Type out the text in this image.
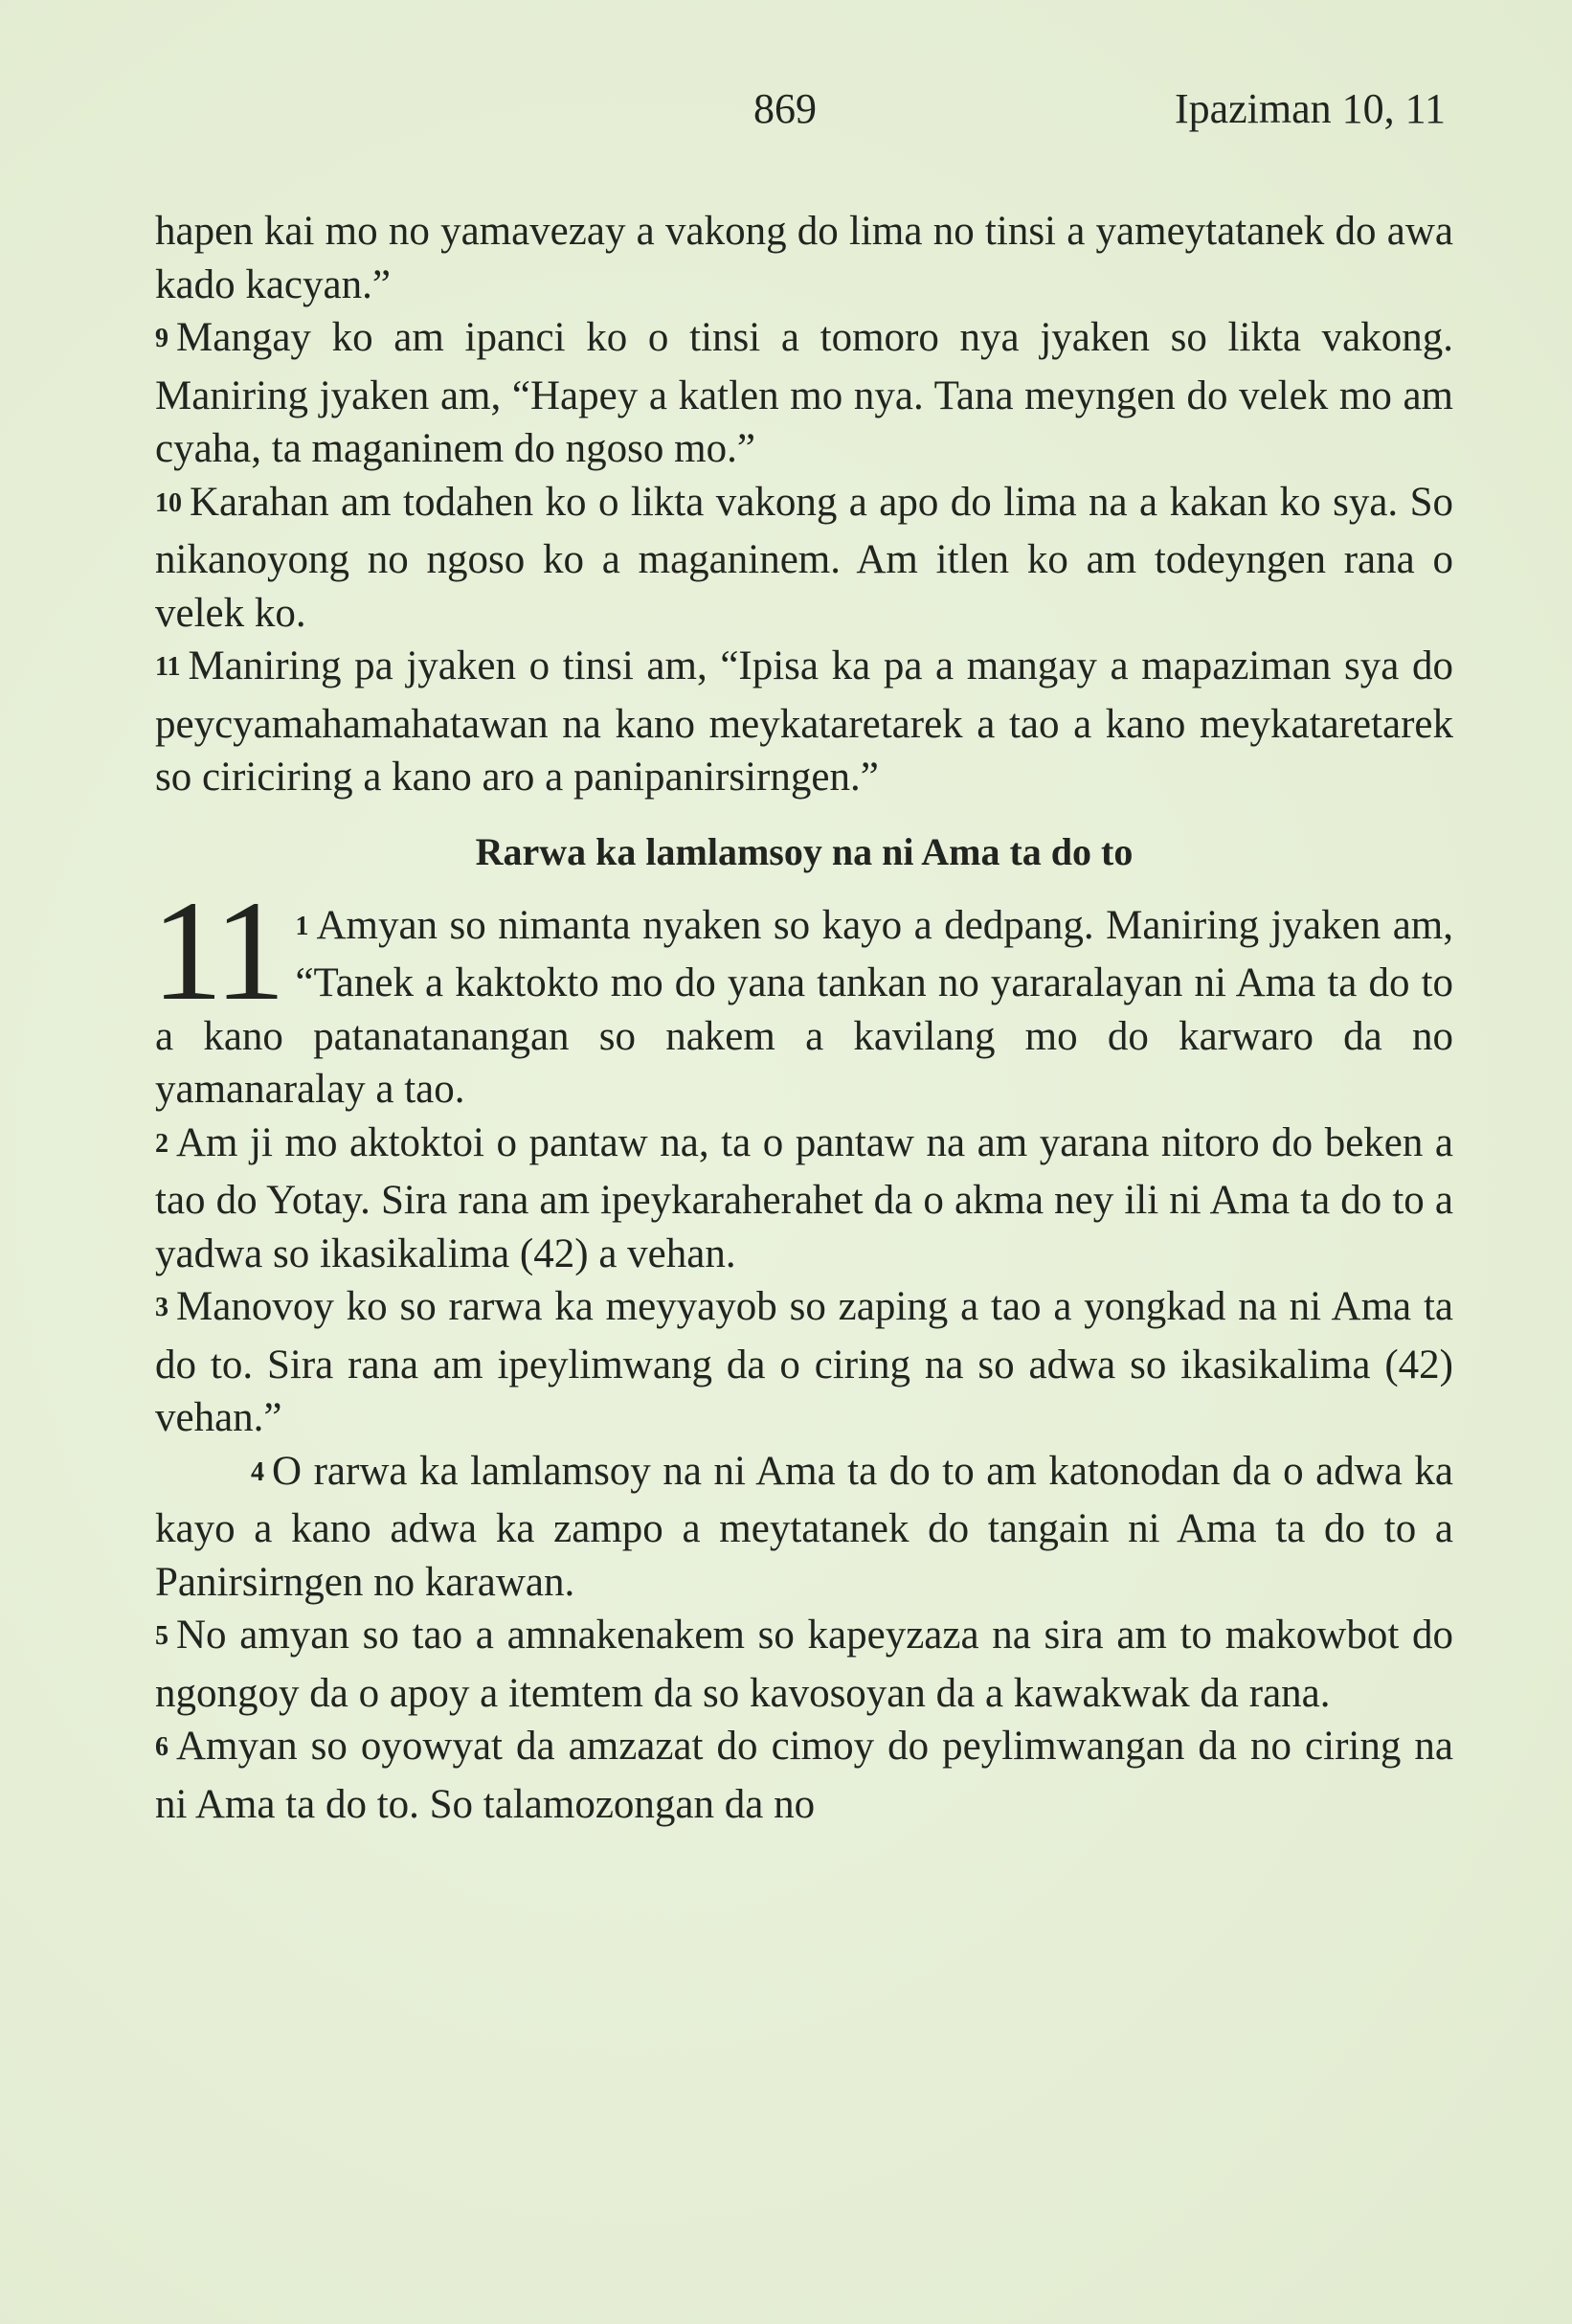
869	Ipaziman 10, 11

hapen kai mo no yamavezay a vakong do lima no tinsi a yameytatanek do awa kado kacyan.”

9 Mangay ko am ipanci ko o tinsi a tomoro nya jyaken so likta vakong. Maniring jyaken am, “Hapey a katlen mo nya. Tana meyngen do velek mo am cyaha, ta maganinem do ngoso mo.”

10 Karahan am todahen ko o likta vakong a apo do lima na a kakan ko sya. So nikanoyong no ngoso ko a maganinem. Am itlen ko am todeyngen rana o velek ko.

11 Maniring pa jyaken o tinsi am, “Ipisa ka pa a mangay a mapaziman sya do peycyamahamahatawan na kano meykataretarek a tao a kano meykataretarek so ciriciring a kano aro a panipanirsirngen.”

Rarwa ka lamlamsoy na ni Ama ta do to

11 1 Amyan so nimanta nyaken so kayo a dedpang. Maniring jyaken am, “Tanek a kaktokto mo do yana tankan no yararalayan ni Ama ta do to a kano patanatanangan so nakem a kavilang mo do karwaro da no yamanaralay a tao.

2 Am ji mo aktoktoi o pantaw na, ta o pantaw na am yarana nitoro do beken a tao do Yotay. Sira rana am ipeykaraherahet da o akma ney ili ni Ama ta do to a yadwa so ikasikalima (42) a vehan.

3 Manovoy ko so rarwa ka meyyayob so zaping a tao a yongkad na ni Ama ta do to. Sira rana am ipeylimwang da o ciring na so adwa so ikasikalima (42) vehan.”

4 O rarwa ka lamlamsoy na ni Ama ta do to am katonodan da o adwa ka kayo a kano adwa ka zampo a meytatanek do tangain ni Ama ta do to a Panirsirngen no karawan.

5 No amyan so tao a amnakenakem so kapeyzaza na sira am to makowbot do ngongoy da o apoy a itemtem da so kavosoyan da a kawakwak da rana.

6 Amyan so oyowyat da amzazat do cimoy do peylimwangan da no ciring na ni Ama ta do to. So talamozongan da no
